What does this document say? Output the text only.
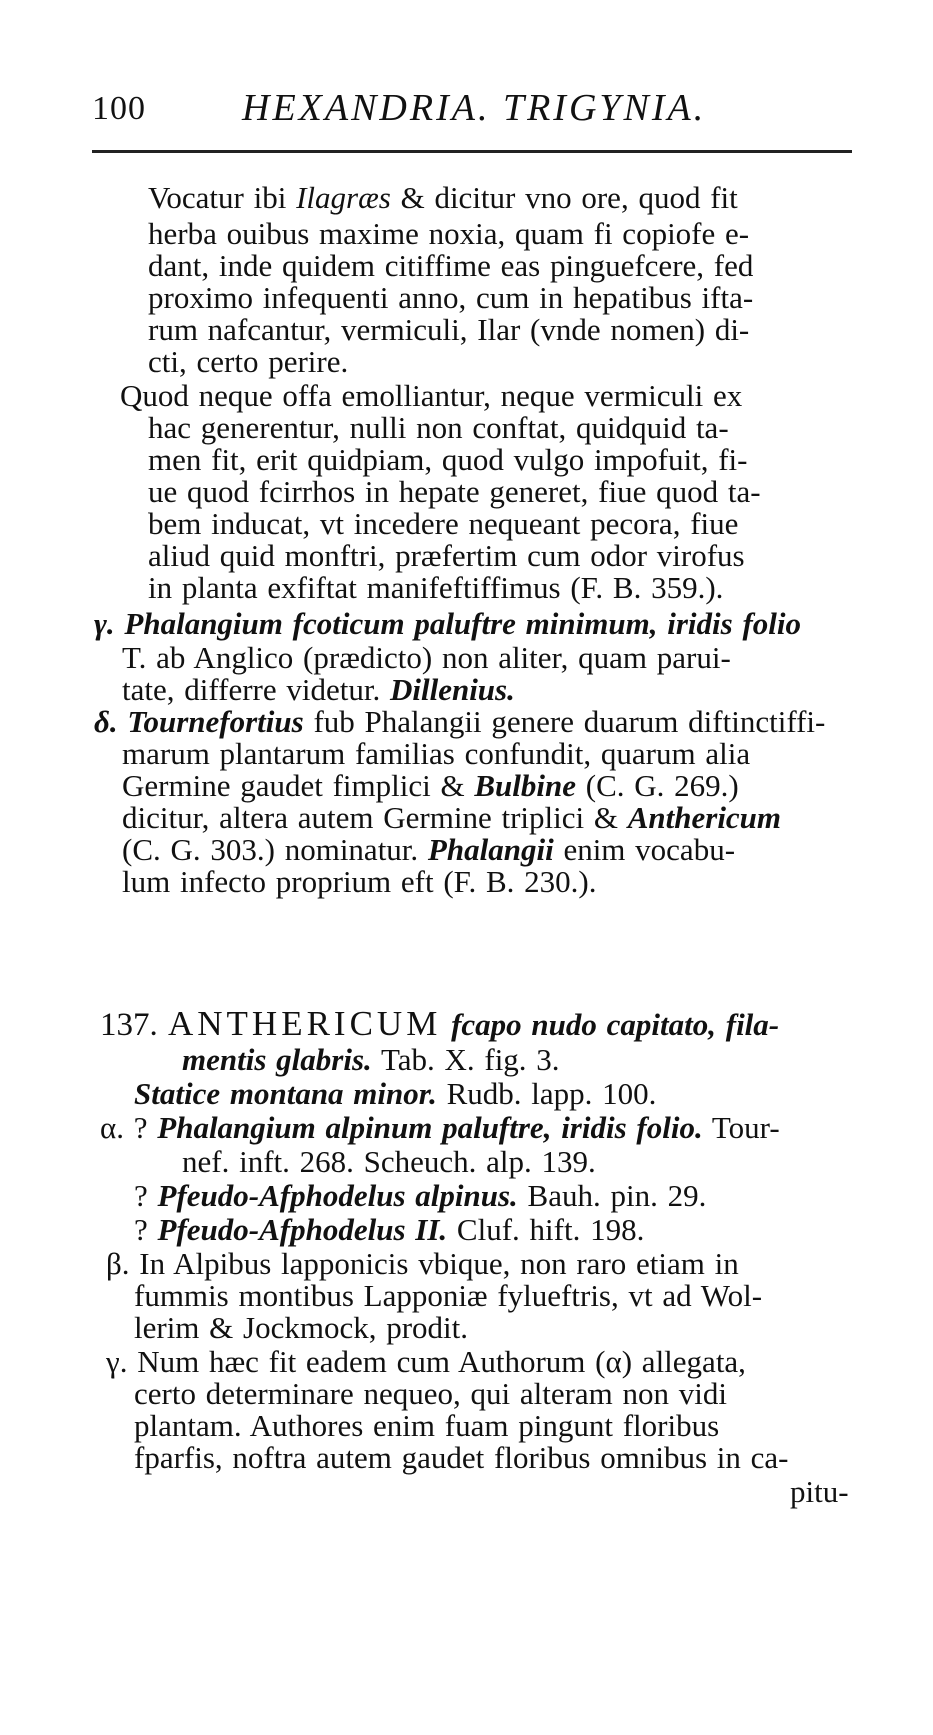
100	HEXANDRIA. TRIGYNIA.
Vocatur ibi Ilagræs & dicitur vno ore, quod fit
herba ouibus maxime noxia, quam fi copiofe e-
dant, inde quidem citiffime eas pinguefcere, fed
proximo infequenti anno, cum in hepatibus ifta-
rum nafcantur, vermiculi, Ilar (vnde nomen) di-
cti, certo perire.
Quod neque offa emolliantur, neque vermiculi ex
hac generentur, nulli non conftat, quidquid ta-
men fit, erit quidpiam, quod vulgo impofuit, fi-
ue quod fcirrhos in hepate generet, fiue quod ta-
bem inducat, vt incedere nequeant pecora, fiue
aliud quid monftri, præfertim cum odor virofus
in planta exfiftat manifeftiffimus (F. B. 359.).
γ. Phalangium fcoticum paluftre minimum, iridis folio
T. ab Anglico (prædicto) non aliter, quam parui-
tate, differre videtur. Dillenius.
δ. Tournefortius fub Phalangii genere duarum diftinctiffi-
marum plantarum familias confundit, quarum alia
Germine gaudet fimplici & Bulbine (C. G. 269.)
dicitur, altera autem Germine triplici & Anthericum
(C. G. 303.) nominatur. Phalangii enim vocabu-
lum infecto proprium eft (F. B. 230.).
137. ANTHERICUM fcapo nudo capitato, fila-
mentis glabris. Tab. X. fig. 3.
Statice montana minor. Rudb. lapp. 100.
α. ? Phalangium alpinum paluftre, iridis folio. Tour-
nef. inft. 268. Scheuch. alp. 139.
? Pfeudo-Afphodelus alpinus. Bauh. pin. 29.
? Pfeudo-Afphodelus II. Cluf. hift. 198.
β. In Alpibus lapponicis vbique, non raro etiam in
fummis montibus Lapponiæ fylueftris, vt ad Wol-
lerim & Jockmock, prodit.
γ. Num hæc fit eadem cum Authorum (α) allegata,
certo determinare nequeo, qui alteram non vidi
plantam. Authores enim fuam pingunt floribus
fparfis, noftra autem gaudet floribus omnibus in ca-
pitu-
